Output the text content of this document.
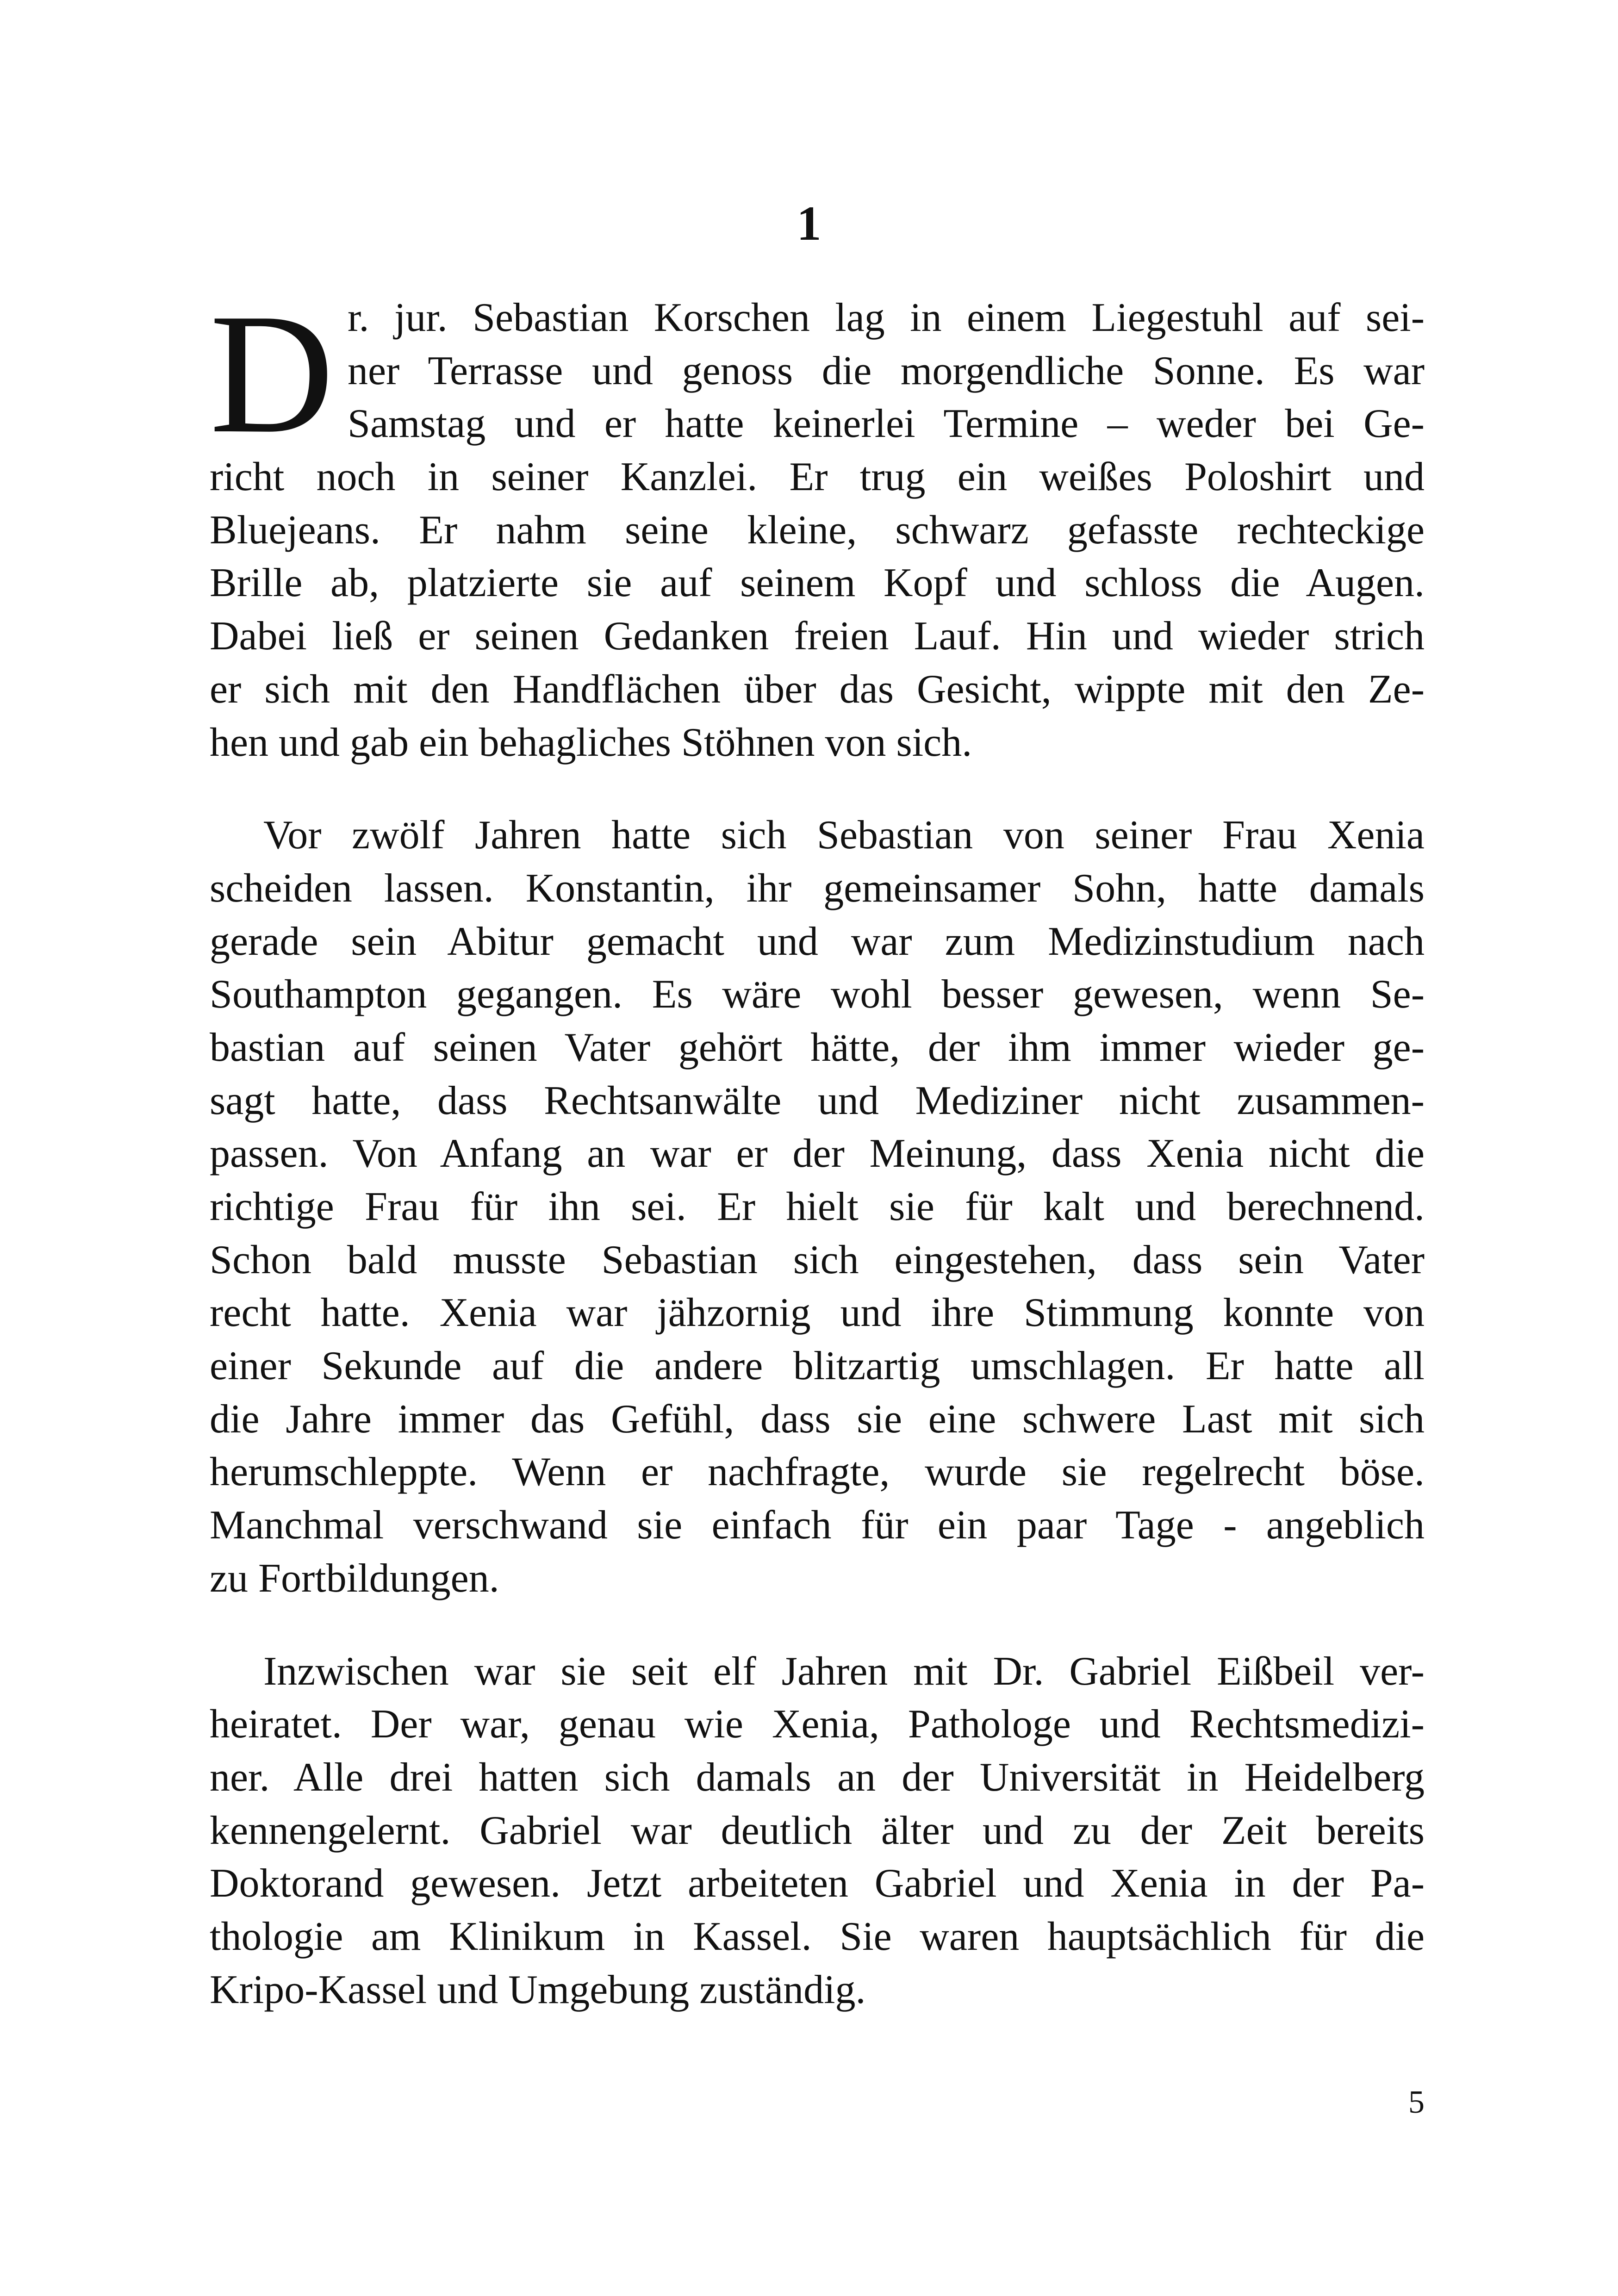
1
D r. jur. Sebastian Korschen lag in einem Liegestuhl auf sei-
ner Terrasse und genoss die morgendliche Sonne. Es war
Samstag und er hatte keinerlei Termine – weder bei Ge-
richt noch in seiner Kanzlei. Er trug ein weißes Poloshirt und
Bluejeans. Er nahm seine kleine, schwarz gefasste rechteckige
Brille ab, platzierte sie auf seinem Kopf und schloss die Augen.
Dabei ließ er seinen Gedanken freien Lauf. Hin und wieder strich
er sich mit den Handflächen über das Gesicht, wippte mit den Ze-
hen und gab ein behagliches Stöhnen von sich.
Vor zwölf Jahren hatte sich Sebastian von seiner Frau Xenia
scheiden lassen. Konstantin, ihr gemeinsamer Sohn, hatte damals
gerade sein Abitur gemacht und war zum Medizinstudium nach
Southampton gegangen. Es wäre wohl besser gewesen, wenn Se-
bastian auf seinen Vater gehört hätte, der ihm immer wieder ge-
sagt hatte, dass Rechtsanwälte und Mediziner nicht zusammen-
passen. Von Anfang an war er der Meinung, dass Xenia nicht die
richtige Frau für ihn sei. Er hielt sie für kalt und berechnend.
Schon bald musste Sebastian sich eingestehen, dass sein Vater
recht hatte. Xenia war jähzornig und ihre Stimmung konnte von
einer Sekunde auf die andere blitzartig umschlagen. Er hatte all
die Jahre immer das Gefühl, dass sie eine schwere Last mit sich
herumschleppte. Wenn er nachfragte, wurde sie regelrecht böse.
Manchmal verschwand sie einfach für ein paar Tage - angeblich
zu Fortbildungen.
Inzwischen war sie seit elf Jahren mit Dr. Gabriel Eißbeil ver-
heiratet. Der war, genau wie Xenia, Pathologe und Rechtsmedizi-
ner. Alle drei hatten sich damals an der Universität in Heidelberg
kennengelernt. Gabriel war deutlich älter und zu der Zeit bereits
Doktorand gewesen. Jetzt arbeiteten Gabriel und Xenia in der Pa-
thologie am Klinikum in Kassel. Sie waren hauptsächlich für die
Kripo-Kassel und Umgebung zuständig.
5
